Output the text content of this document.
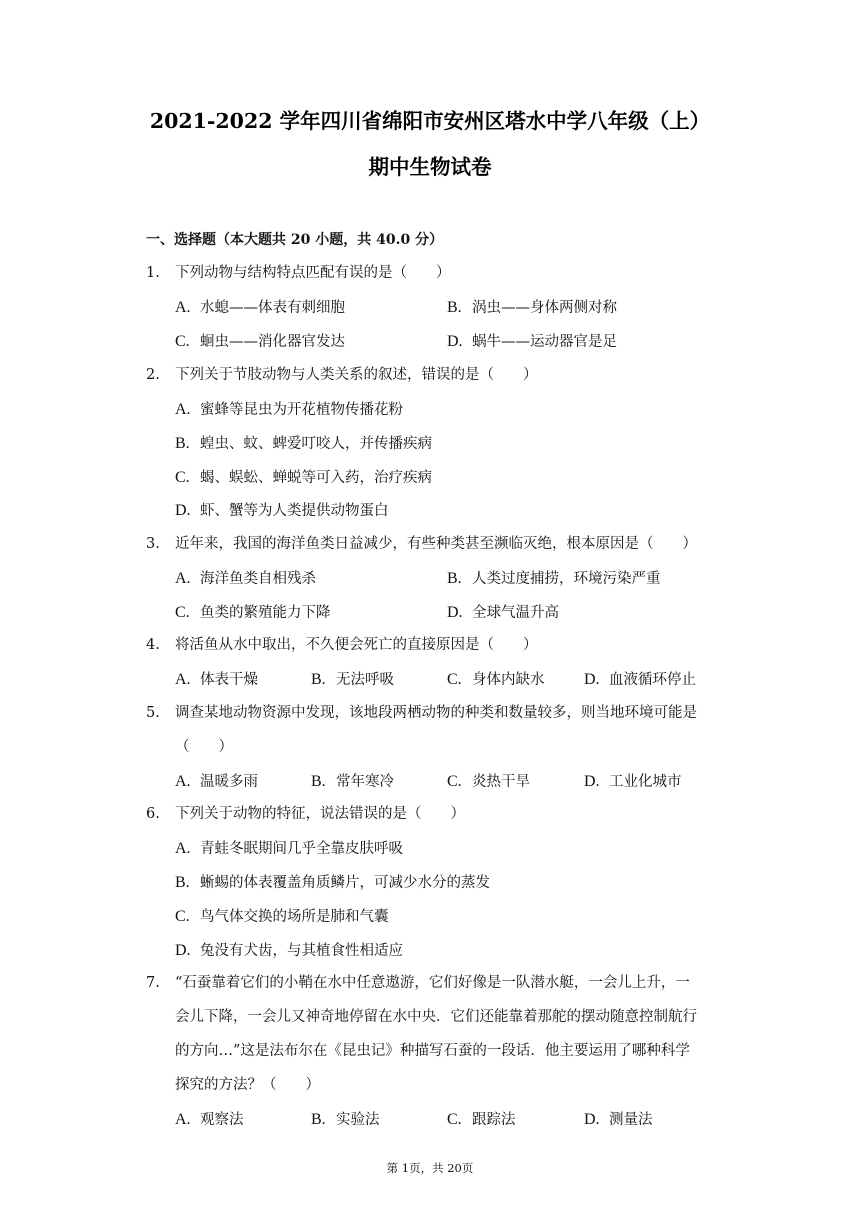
2021-2022 学年四川省绵阳市安州区塔水中学八年级（上）
期中生物试卷
一、选择题（本大题共 20 小题，共 40.0 分）
1. 下列动物与结构特点匹配有误的是（　　）
A. 水螅——体表有刺细胞	B. 涡虫——身体两侧对称
C. 蛔虫——消化器官发达	D. 蜗牛——运动器官是足
2. 下列关于节肢动物与人类关系的叙述，错误的是（　　）
A. 蜜蜂等昆虫为开花植物传播花粉
B. 蝗虫、蚊、蜱爱叮咬人，并传播疾病
C. 蝎、蜈蚣、蝉蜕等可入药，治疗疾病
D. 虾、蟹等为人类提供动物蛋白
3. 近年来，我国的海洋鱼类日益减少，有些种类甚至濒临灭绝，根本原因是（　　）
A. 海洋鱼类自相残杀	B. 人类过度捕捞，环境污染严重
C. 鱼类的繁殖能力下降	D. 全球气温升高
4. 将活鱼从水中取出，不久便会死亡的直接原因是（　　）
A. 体表干燥	B. 无法呼吸	C. 身体内缺水 D. 血液循环停止
5. 调查某地动物资源中发现，该地段两栖动物的种类和数量较多，则当地环境可能是
（　　）
A. 温暖多雨	B. 常年寒冷	C. 炎热干旱	D. 工业化城市
6. 下列关于动物的特征，说法错误的是（　　）
A. 青蛙冬眠期间几乎全靠皮肤呼吸
B. 蜥蜴的体表覆盖角质鳞片，可减少水分的蒸发
C. 鸟气体交换的场所是肺和气囊
D. 兔没有犬齿，与其植食性相适应
7. “石蚕靠着它们的小鞘在水中任意遨游，它们好像是一队潜水艇，一会儿上升，一
会儿下降，一会儿又神奇地停留在水中央．它们还能靠着那舵的摆动随意控制航行
的方向…”这是法布尔在《昆虫记》种描写石蚕的一段话．他主要运用了哪种科学
探究的方法？（　　）
A. 观察法	B. 实验法	C. 跟踪法	D. 测量法
第 1页，共 20页
